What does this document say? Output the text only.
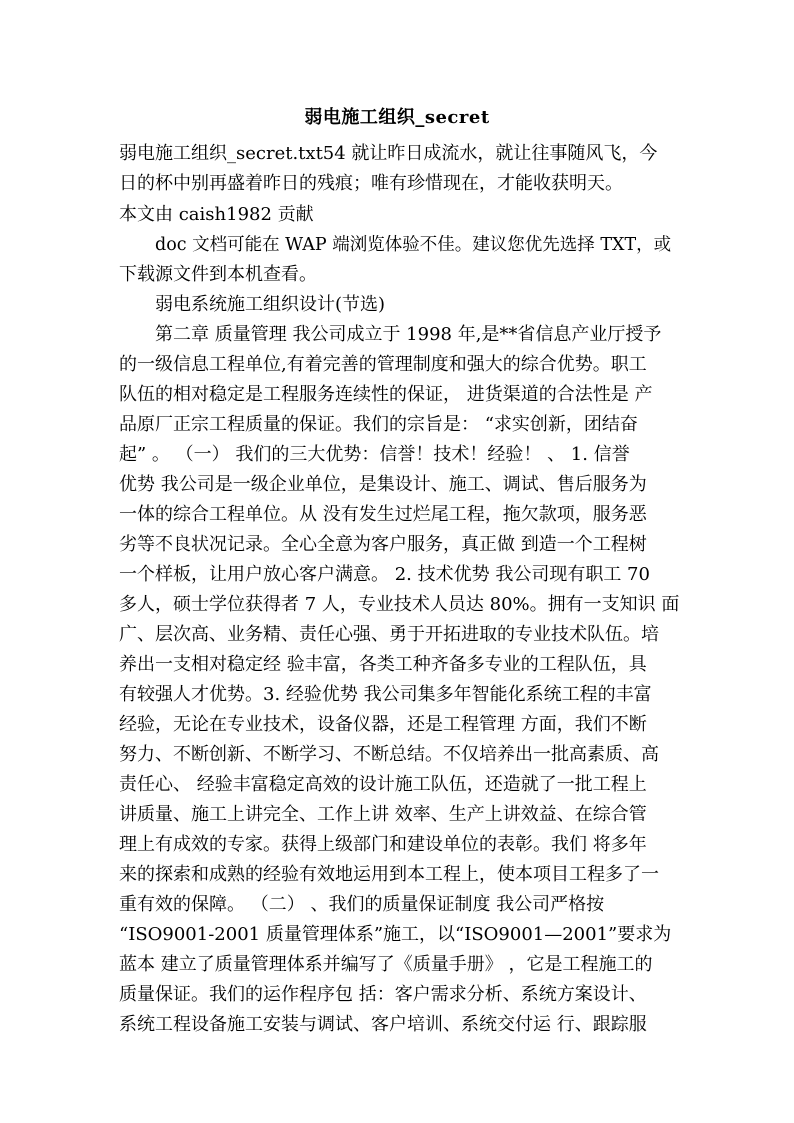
弱电施工组织_secret
弱电施工组织_secret.txt54 就让昨日成流水，就让往事随风飞，今
日的杯中别再盛着昨日的残痕；唯有珍惜现在，才能收获明天。
本文由 caish1982 贡献
doc 文档可能在 WAP 端浏览体验不佳。建议您优先选择 TXT，或
下载源文件到本机查看。
弱电系统施工组织设计(节选)
第二章 质量管理 我公司成立于 1998 年,是**省信息产业厅授予
的一级信息工程单位,有着完善的管理制度和强大的综合优势。职工
队伍的相对稳定是工程服务连续性的保证， 进货渠道的合法性是 产
品原厂正宗工程质量的保证。我们的宗旨是： “求实创新，团结奋
起” 。 （一） 我们的三大优势：信誉！技术！经验！ 、 1. 信誉
优势 我公司是一级企业单位，是集设计、施工、调试、售后服务为
一体的综合工程单位。从 没有发生过烂尾工程，拖欠款项，服务恶
劣等不良状况记录。全心全意为客户服务，真正做 到造一个工程树
一个样板，让用户放心客户满意。 2. 技术优势 我公司现有职工 70
多人，硕士学位获得者 7 人，专业技术人员达 80%。拥有一支知识 面
广、层次高、业务精、责任心强、勇于开拓进取的专业技术队伍。培
养出一支相对稳定经 验丰富，各类工种齐备多专业的工程队伍，具
有较强人才优势。3. 经验优势 我公司集多年智能化系统工程的丰富
经验，无论在专业技术，设备仪器，还是工程管理 方面，我们不断
努力、不断创新、不断学习、不断总结。不仅培养出一批高素质、高
责任心、 经验丰富稳定高效的设计施工队伍，还造就了一批工程上
讲质量、施工上讲完全、工作上讲 效率、生产上讲效益、在综合管
理上有成效的专家。获得上级部门和建设单位的表彰。我们 将多年
来的探索和成熟的经验有效地运用到本工程上，使本项目工程多了一
重有效的保障。 （二） 、我们的质量保证制度 我公司严格按
“ISO9001-2001 质量管理体系”施工，以“ISO9001—2001”要求为
蓝本 建立了质量管理体系并编写了《质量手册》 ，它是工程施工的
质量保证。我们的运作程序包 括：客户需求分析、系统方案设计、
系统工程设备施工安装与调试、客户培训、系统交付运 行、跟踪服
